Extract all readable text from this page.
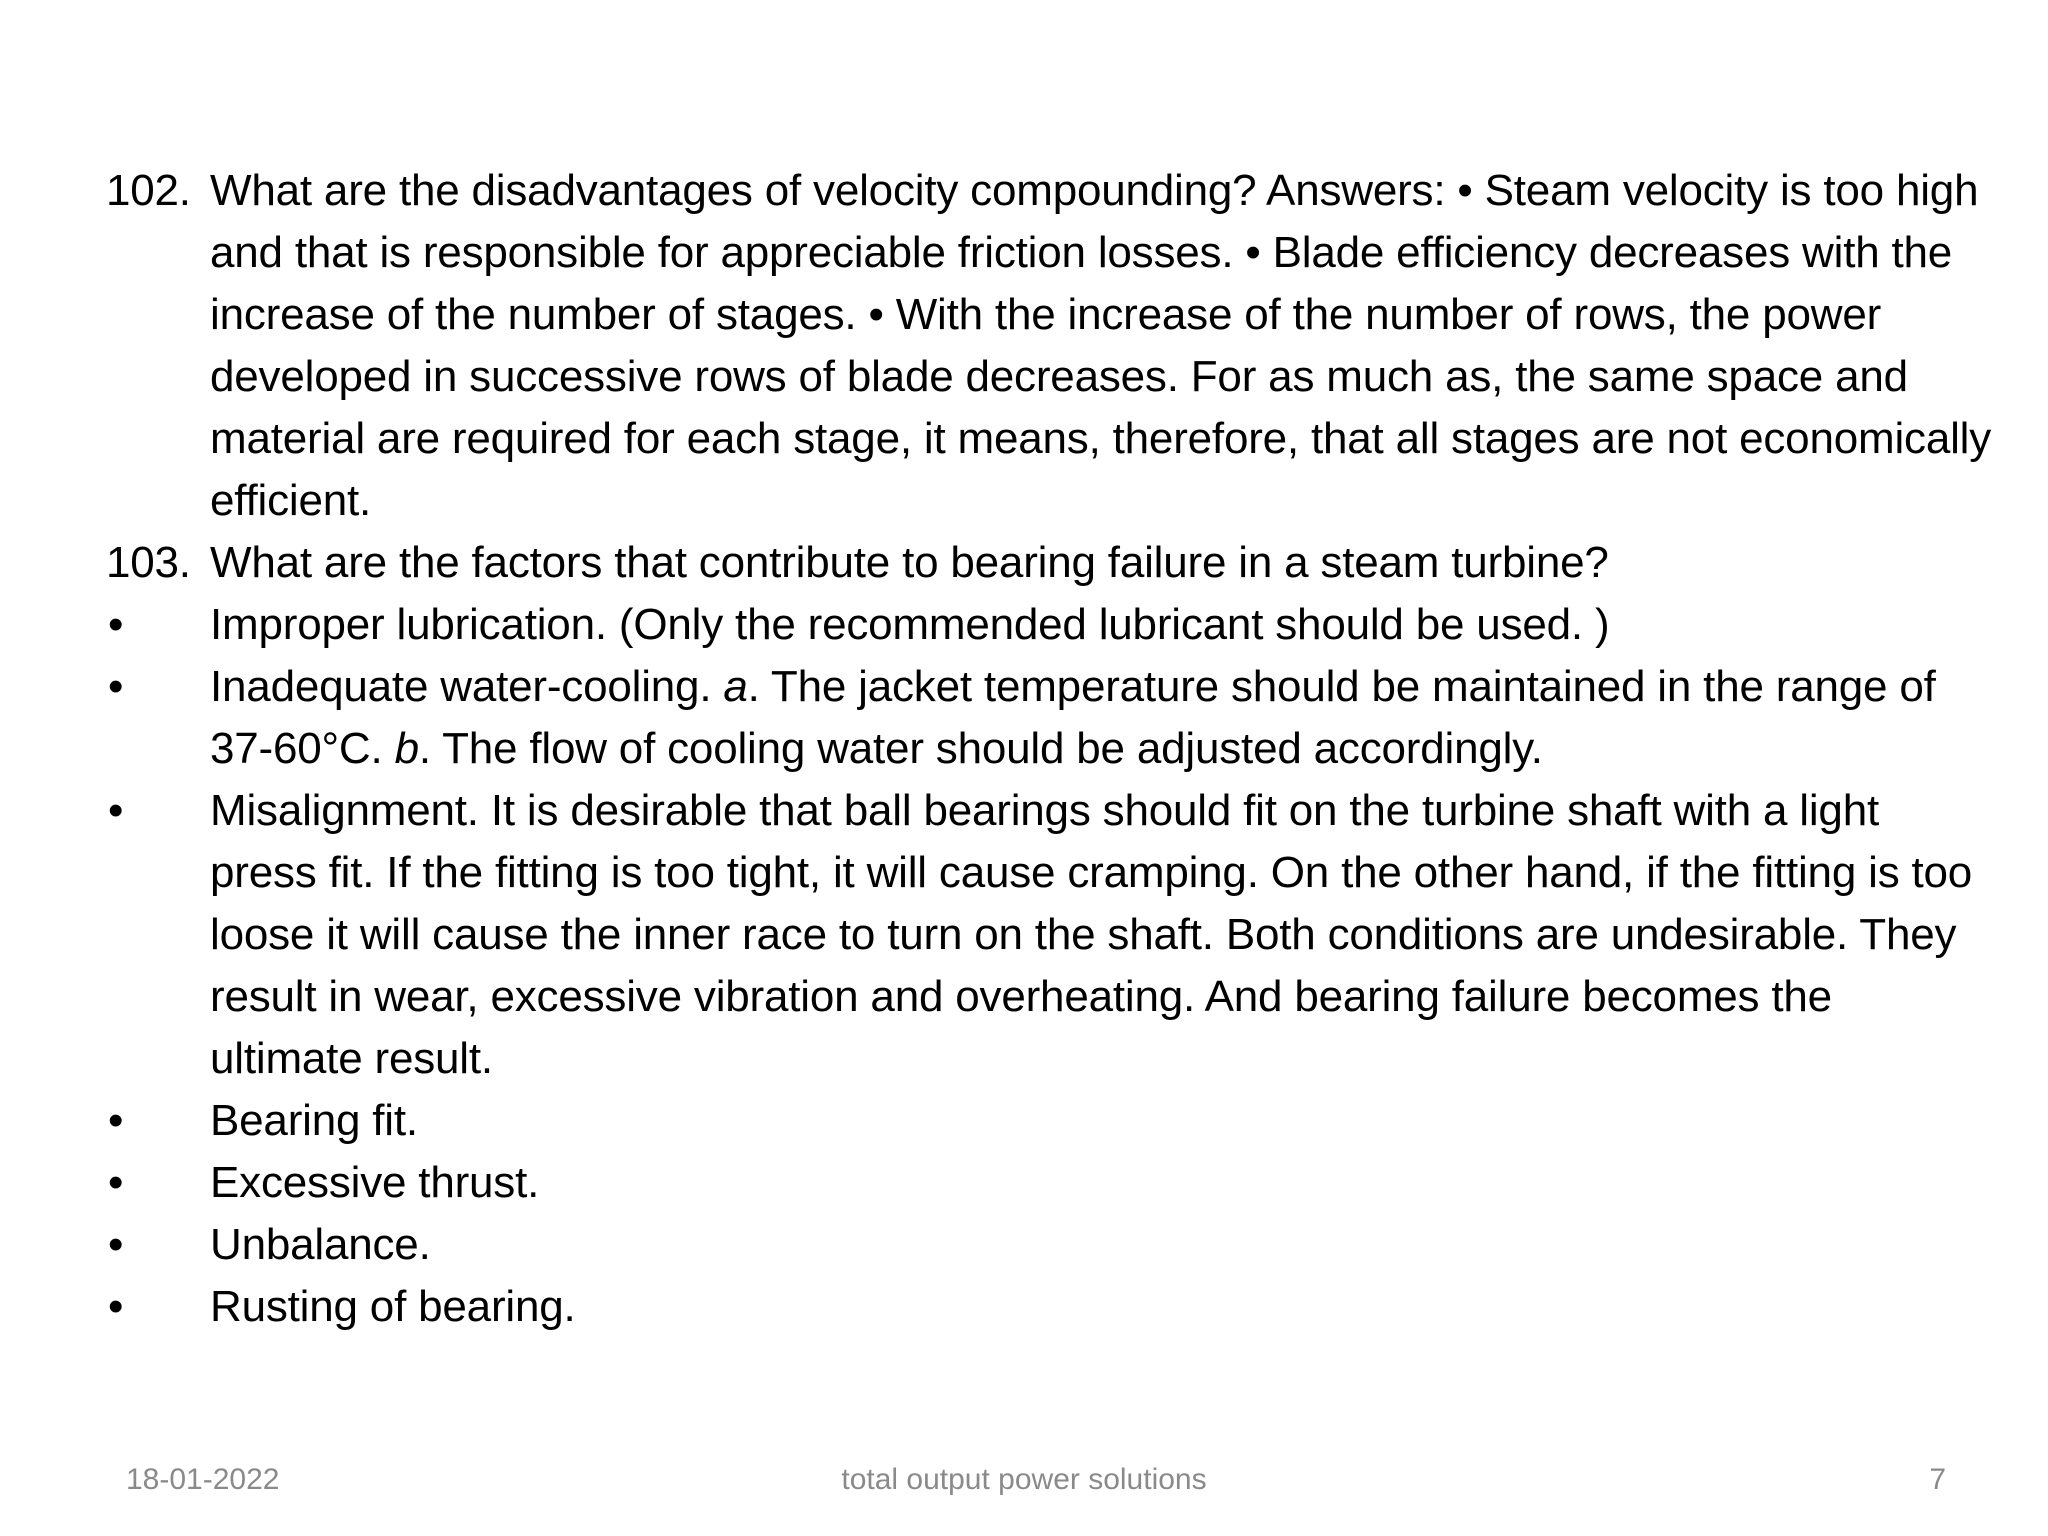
102. What are the disadvantages of velocity compounding? Answers: • Steam velocity is too high and that is responsible for appreciable friction losses. • Blade efficiency decreases with the increase of the number of stages. • With the increase of the number of rows, the power developed in successive rows of blade decreases. For as much as, the same space and material are required for each stage, it means, therefore, that all stages are not economically efficient.
103. What are the factors that contribute to bearing failure in a steam turbine?
•	Improper lubrication. (Only the recommended lubricant should be used. )
•	Inadequate water-cooling. a. The jacket temperature should be maintained in the range of 37-60°C. b. The flow of cooling water should be adjusted accordingly.
•	Misalignment. It is desirable that ball bearings should fit on the turbine shaft with a light press fit. If the fitting is too tight, it will cause cramping. On the other hand, if the fitting is too loose it will cause the inner race to turn on the shaft. Both conditions are undesirable. They result in wear, excessive vibration and overheating. And bearing failure becomes the ultimate result.
•	Bearing fit.
•	Excessive thrust.
•	Unbalance.
•	Rusting of bearing.
18-01-2022	total output power solutions	7
